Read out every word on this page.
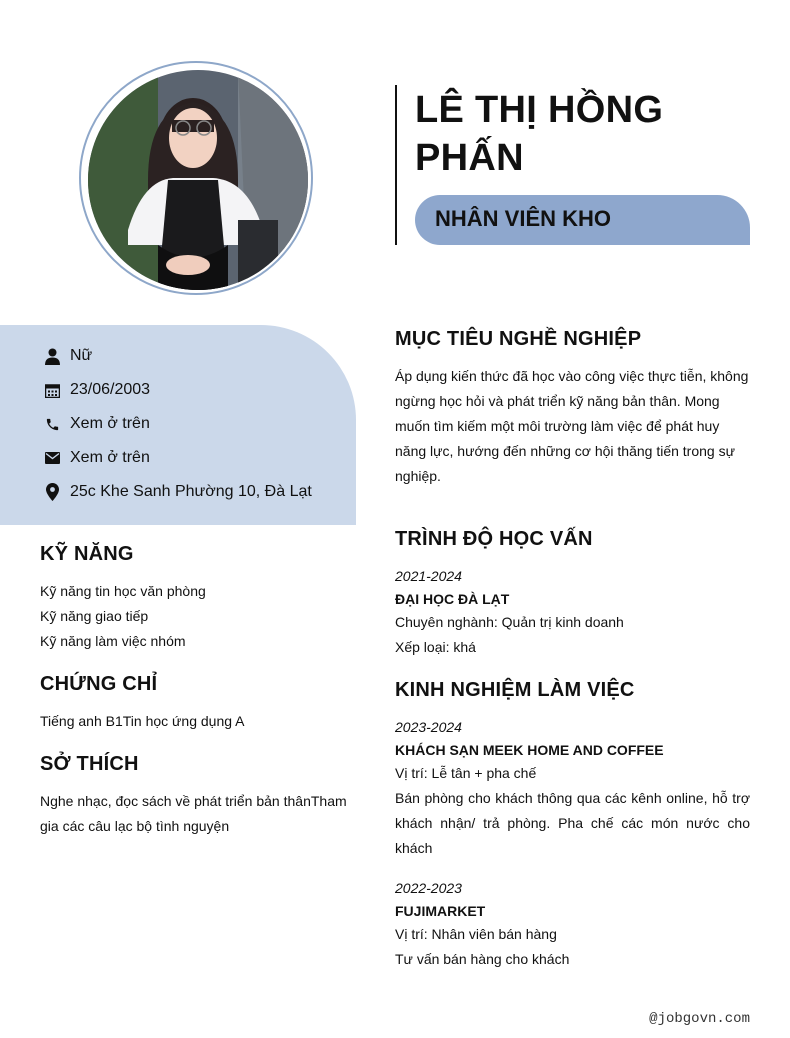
LÊ THỊ HỒNG PHẤN
NHÂN VIÊN KHO
Nữ
23/06/2003
Xem ở trên
Xem ở trên
25c Khe Sanh Phường 10, Đà Lạt
KỸ NĂNG
Kỹ năng tin học văn phòng
Kỹ năng giao tiếp
Kỹ năng làm việc nhóm
CHỨNG CHỈ
Tiếng anh B1Tin học ứng dụng A
SỞ THÍCH
Nghe nhạc, đọc sách về phát triển bản thânTham gia các câu lạc bộ tình nguyện
MỤC TIÊU NGHỀ NGHIỆP
Áp dụng kiến thức đã học vào công việc thực tiễn, không ngừng học hỏi và phát triển kỹ năng bản thân. Mong muốn tìm kiếm một môi trường làm việc để phát huy năng lực, hướng đến những cơ hội thăng tiến trong sự nghiệp.
TRÌNH ĐỘ HỌC VẤN
2021-2024
ĐẠI HỌC ĐÀ LẠT
Chuyên nghành: Quản trị kinh doanh
Xếp loại: khá
KINH NGHIỆM LÀM VIỆC
2023-2024
KHÁCH SẠN MEEK HOME AND COFFEE
Vị trí: Lễ tân + pha chế
Bán phòng cho khách thông qua các kênh online, hỗ trợ khách nhận/ trả phòng. Pha chế các món nước cho khách
2022-2023
FUJIMARKET
Vị trí: Nhân viên bán hàng
Tư vấn bán hàng cho khách
@jobgovn.com
